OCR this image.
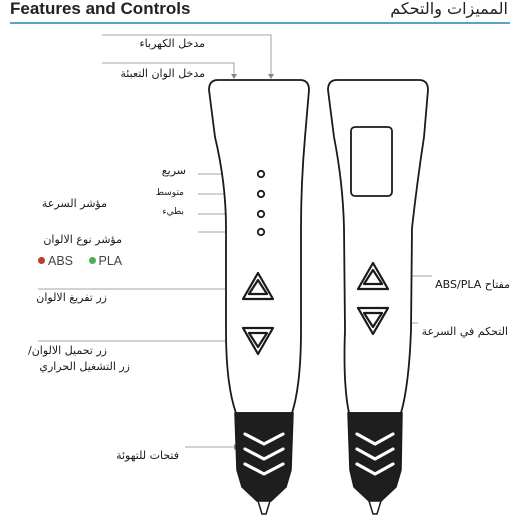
Features and Controls	المميزات والتحكم
مدخل الكهرباء
مدخل الوان التعبئة
سريع
متوسط
بطيء
مؤشر السرعة
مؤشر نوع الالوان
ABS PLA
زر تفريغ الالوان
زر تحميل الالوان/
زر التشغيل الحراري
فتحات للتهوئة
مفتاح ABS/PLA
التحكم في السرعة
